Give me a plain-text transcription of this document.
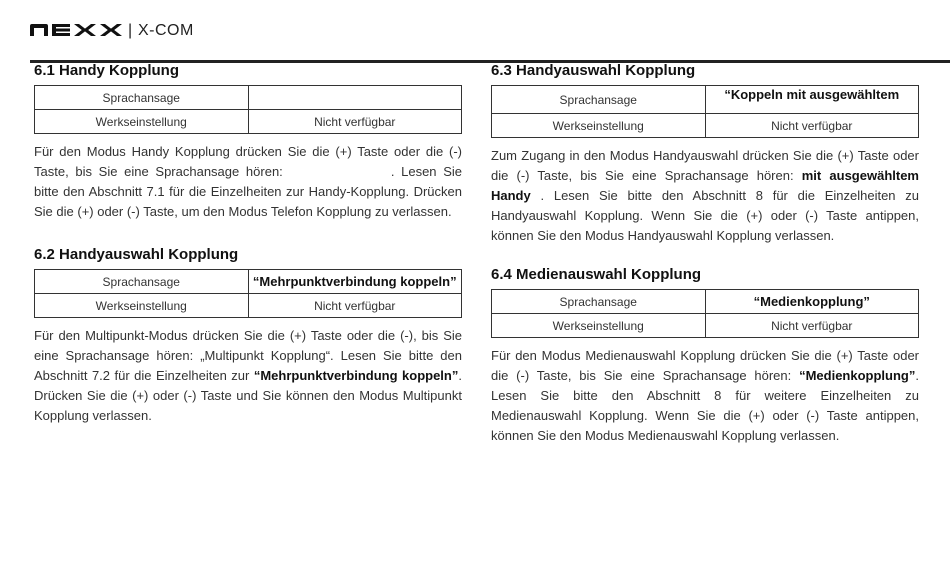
| X-COM
6.1 Handy Kopplung
Sprachansage	
Werkseinstellung	Nicht verfügbar

Für den Modus Handy Kopplung drücken Sie die (+) Taste oder die (-) Taste, bis Sie eine Sprachansage hören:	. Lesen Sie bitte den Abschnitt 7.1 für die Einzelheiten zur Handy-Kopplung. Drücken Sie die (+) oder (-) Taste, um den Modus Telefon Kopplung zu verlassen.

6.2 Handyauswahl Kopplung
Sprachansage	“Mehrpunktverbindung koppeln”
Werkseinstellung	Nicht verfügbar

Für den Multipunkt-Modus drücken Sie die (+) Taste oder die (-), bis Sie eine Sprachansage hören: „Multipunkt Kopplung“. Lesen Sie bitte den Abschnitt 7.2 für die Einzelheiten zur “Mehrpunktverbindung koppeln”. Drücken Sie die (+) oder (-) Taste und Sie können den Modus Multipunkt Kopplung verlassen.

6.3 Handyauswahl Kopplung
Sprachansage	“Koppeln mit ausgewähltem
Werkseinstellung	Nicht verfügbar

Zum Zugang in den Modus Handyauswahl drücken Sie die (+) Taste oder die (-) Taste, bis Sie eine Sprachansage hören: mit ausgewähltem Handy . Lesen Sie bitte den Abschnitt 8 für die Einzelheiten zu Handyauswahl Kopplung. Wenn Sie die (+) oder (-) Taste antippen, können Sie den Modus Handyauswahl Kopplung verlassen.

6.4 Medienauswahl Kopplung
Sprachansage	“Medienkopplung”
Werkseinstellung	Nicht verfügbar

Für den Modus Medienauswahl Kopplung drücken Sie die (+) Taste oder die (-) Taste, bis Sie eine Sprachansage hören: “Medienkopplung”. Lesen Sie bitte den Abschnitt 8 für weitere Einzelheiten zu Medienauswahl Kopplung. Wenn Sie die (+) oder (-) Taste antippen, können Sie den Modus Medienauswahl Kopplung verlassen.
